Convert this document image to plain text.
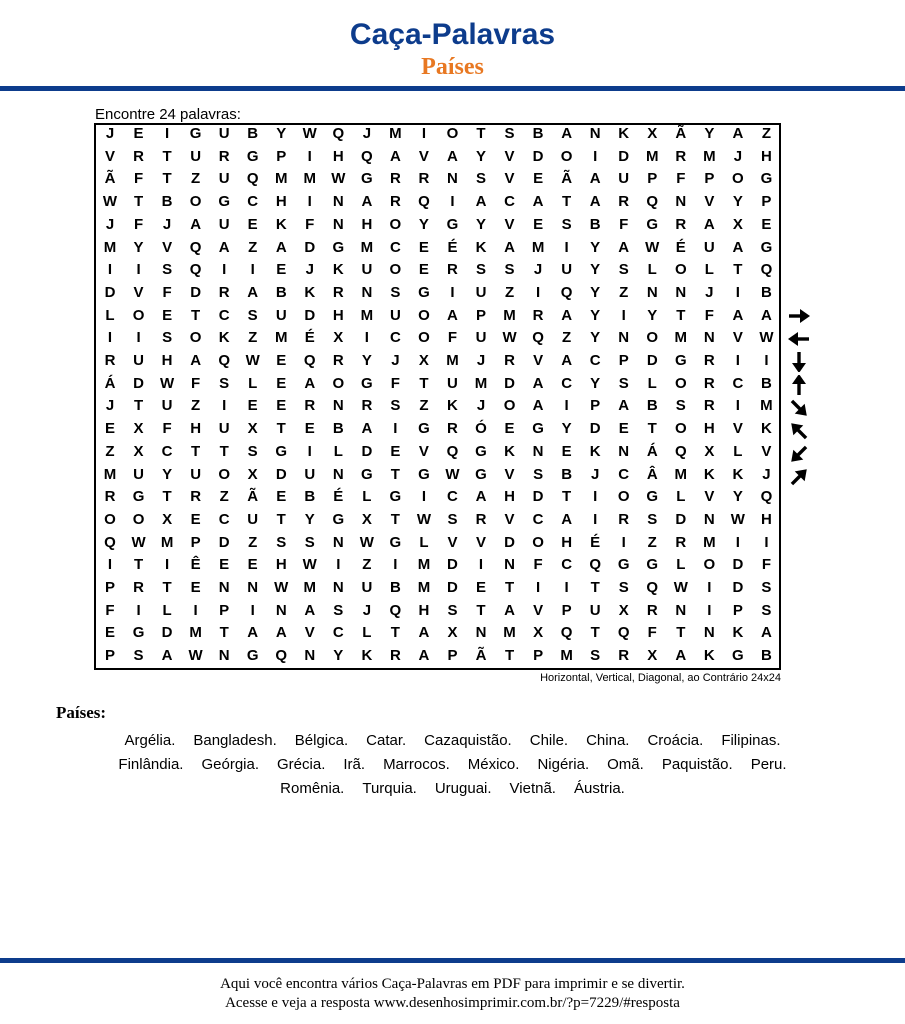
Caça-Palavras
Países
Encontre 24 palavras:
J	E	I	G	U	B	Y	W	Q	J	M	I	O	T	S	B	A	N	K	X	Ã	Y	A	Z
V	R	T	U	R	G	P	I	H	Q	A	V	A	Y	V	D	O	I	D	M	R	M	J	H
Ã	F	T	Z	U	Q	M	M	W	G	R	R	N	S	V	E	Ã	A	U	P	F	P	O	G
W	T	B	O	G	C	H	I	N	A	R	Q	I	A	C	A	T	A	R	Q	N	V	Y	P
J	F	J	A	U	E	K	F	N	H	O	Y	G	Y	V	E	S	B	F	G	R	A	X	E
M	Y	V	Q	A	Z	A	D	G	M	C	E	É	K	A	M	I	Y	A	W	É	U	A	G
I	I	S	Q	I	I	E	J	K	U	O	E	R	S	S	J	U	Y	S	L	O	L	T	Q
D	V	F	D	R	A	B	K	R	N	S	G	I	U	Z	I	Q	Y	Z	N	N	J	I	B
L	O	E	T	C	S	U	D	H	M	U	O	A	P	M	R	A	Y	I	Y	T	F	A	A
I	I	S	O	K	Z	M	É	X	I	C	O	F	U	W	Q	Z	Y	N	O	M	N	V	W
R	U	H	A	Q	W	E	Q	R	Y	J	X	M	J	R	V	A	C	P	D	G	R	I	I
Á	D	W	F	S	L	E	A	O	G	F	T	U	M	D	A	C	Y	S	L	O	R	C	B
J	T	U	Z	I	E	E	R	N	R	S	Z	K	J	O	A	I	P	A	B	S	R	I	M
E	X	F	H	U	X	T	E	B	A	I	G	R	Ó	E	G	Y	D	E	T	O	H	V	K
Z	X	C	T	T	S	G	I	L	D	E	V	Q	G	K	N	E	K	N	Á	Q	X	L	V
M	U	Y	U	O	X	D	U	N	G	T	G	W	G	V	S	B	J	C	Â	M	K	K	J
R	G	T	R	Z	Ã	E	B	É	L	G	I	C	A	H	D	T	I	O	G	L	V	Y	Q
O	O	X	E	C	U	T	Y	G	X	T	W	S	R	V	C	A	I	R	S	D	N	W	H
Q	W	M	P	D	Z	S	S	N	W	G	L	V	V	D	O	H	É	I	Z	R	M	I	I
I	T	I	Ê	E	E	H	W	I	Z	I	M	D	I	N	F	C	Q	G	G	L	O	D	F
P	R	T	E	N	N	W	M	N	U	B	M	D	E	T	I	I	T	S	Q	W	I	D	S
F	I	L	I	P	I	N	A	S	J	Q	H	S	T	A	V	P	U	X	R	N	I	P	S
E	G	D	M	T	A	A	V	C	L	T	A	X	N	M	X	Q	T	Q	F	T	N	K	A
P	S	A	W	N	G	Q	N	Y	K	R	A	P	Ã	T	P	M	S	R	X	A	K	G	B
Horizontal, Vertical, Diagonal, ao Contrário 24x24
Países:
Argélia. Bangladesh. Bélgica. Catar. Cazaquistão. Chile. China. Croácia. Filipinas.
Finlândia. Geórgia. Grécia. Irã. Marrocos. México. Nigéria. Omã. Paquistão. Peru.
Romênia. Turquia. Uruguai. Vietnã. Áustria.
Aqui você encontra vários Caça-Palavras em PDF para imprimir e se divertir.
Acesse e veja a resposta www.desenhosimprimir.com.br/?p=7229/#resposta
